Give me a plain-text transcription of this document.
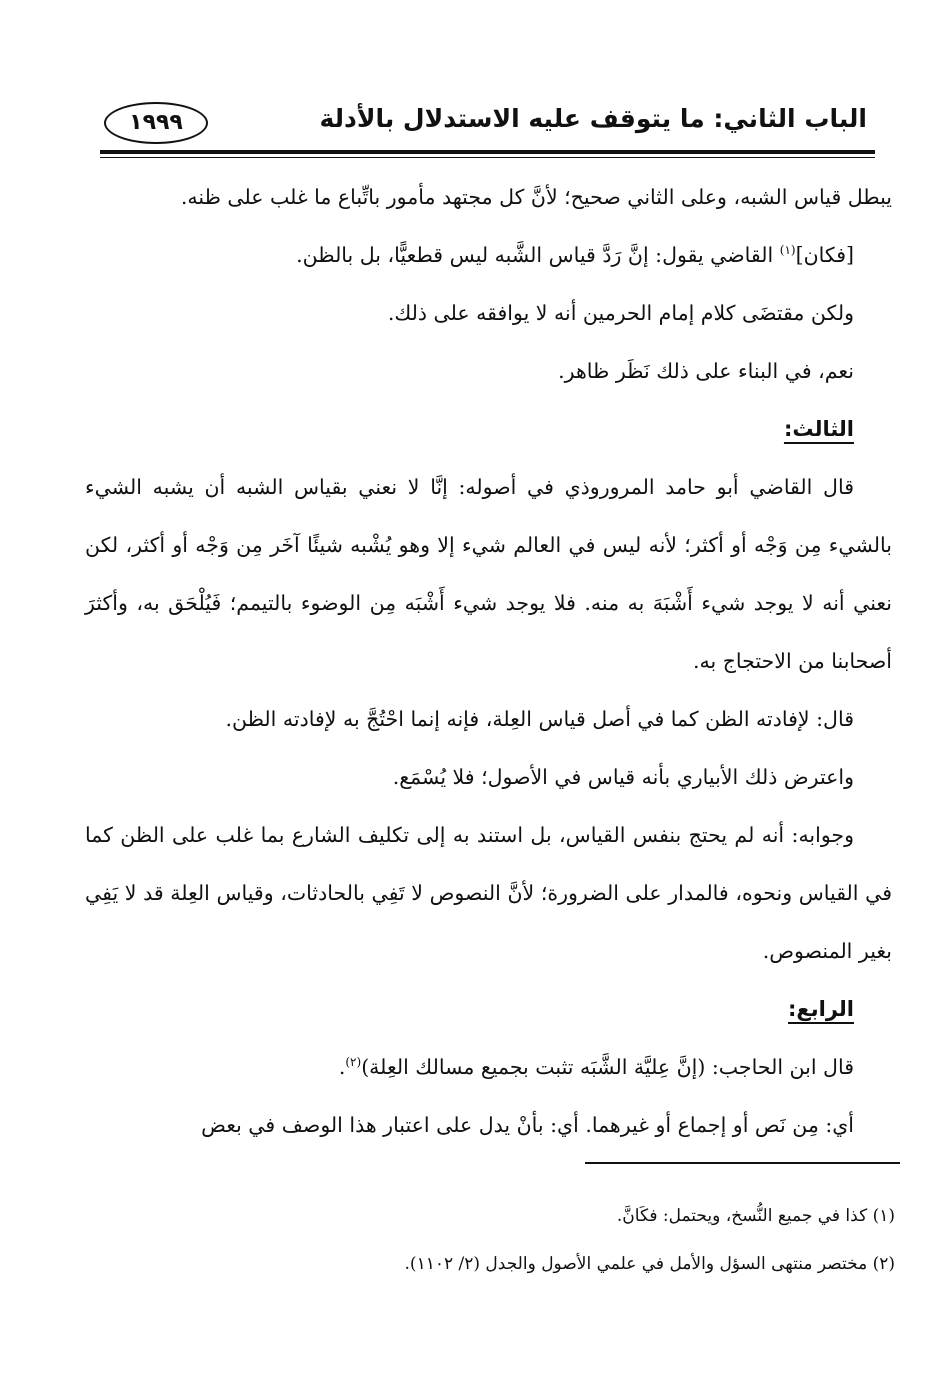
الباب الثاني: ما يتوقف عليه الاستدلال بالأدلة
١٩٩٩

يبطل قياس الشبه، وعلى الثاني صحيح؛ لأنَّ كل مجتهد مأمور باتِّباع ما غلب على ظنه.

[فكان]$^{(١)}$ القاضي يقول: إنَّ رَدَّ قياس الشَّبه ليس قطعيًّا، بل بالظن.

ولكن مقتضَى كلام إمام الحرمين أنه لا يوافقه على ذلك.

نعم، في البناء على ذلك نَظَر ظاهر.

الثالث:

قال القاضي أبو حامد المروروذي في أصوله: إنَّا لا نعني بقياس الشبه أن يشبه الشيء بالشيء مِن وَجْه أو أكثر؛ لأنه ليس في العالم شيء إلا وهو يُشْبه شيئًا آخَر مِن وَجْه أو أكثر، لكن نعني أنه لا يوجد شيء أَشْبَهَ به منه. فلا يوجد شيء أَشْبَه مِن الوضوء بالتيمم؛ فَيُلْحَق به، وأكثرَ أصحابنا من الاحتجاج به.

قال: لإفادته الظن كما في أصل قياس العِلة، فإنه إنما احْتُجَّ به لإفادته الظن.

واعترض ذلك الأبياري بأنه قياس في الأصول؛ فلا يُسْمَع.

وجوابه: أنه لم يحتج بنفس القياس، بل استند به إلى تكليف الشارع بما غلب على الظن كما في القياس ونحوه، فالمدار على الضرورة؛ لأنَّ النصوص لا تَفِي بالحادثات، وقياس العِلة قد لا يَفِي بغير المنصوص.

الرابع:

قال ابن الحاجب: (إنَّ عِليَّة الشَّبَه تثبت بجميع مسالك العِلة)$^{(٢)}$.

أي: مِن نَص أو إجماع أو غيرهما. أي: بأنْ يدل على اعتبار هذا الوصف في بعض

(١) كذا في جميع النُّسخ، ويحتمل: فكَانَّ.

(٢) مختصر منتهى السؤل والأمل في علمي الأصول والجدل (٢/ ١١٠٢).
